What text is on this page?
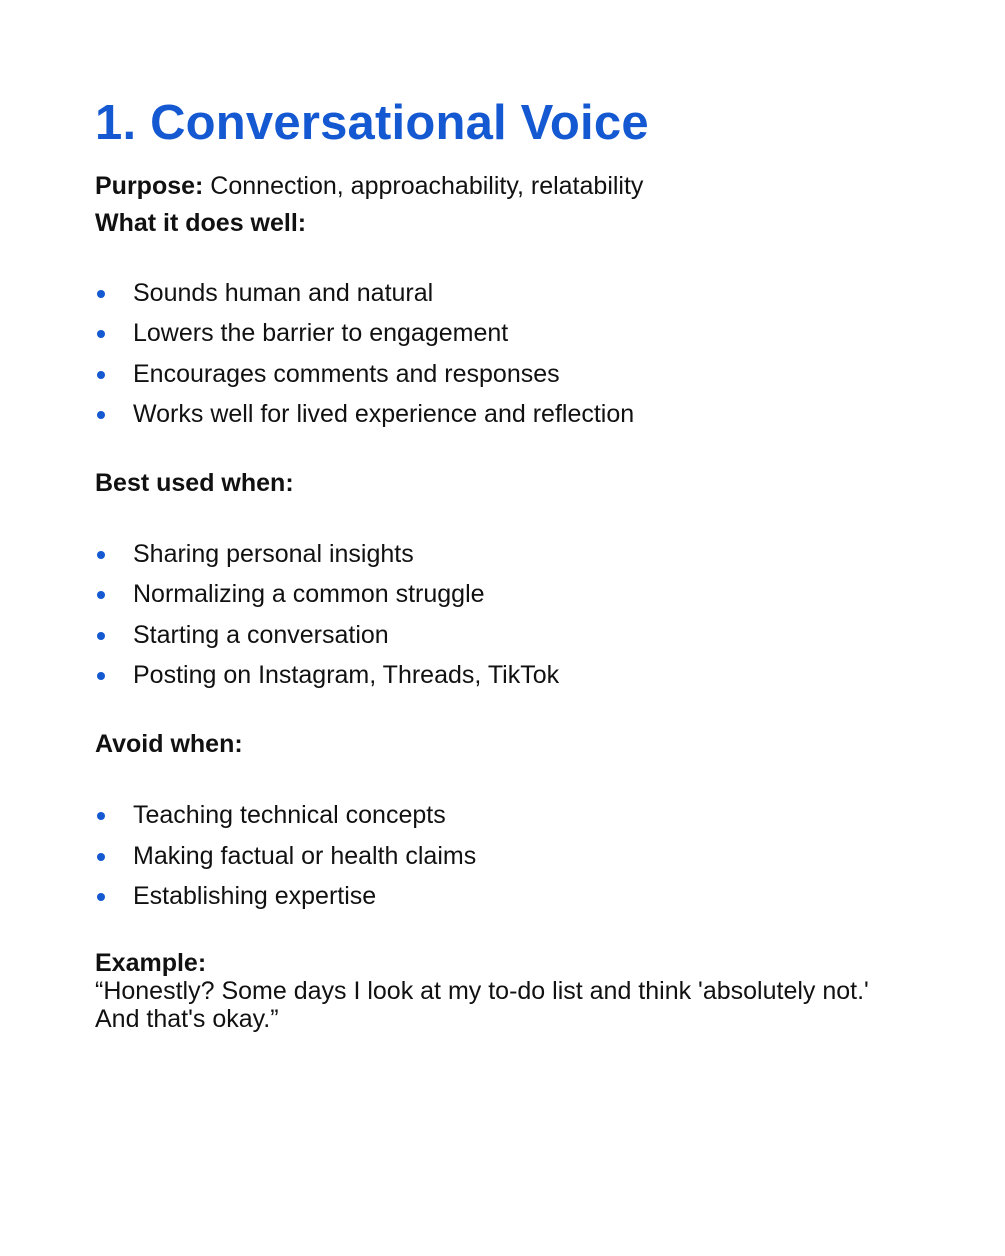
1. Conversational Voice
Purpose: Connection, approachability, relatability
What it does well:
Sounds human and natural
Lowers the barrier to engagement
Encourages comments and responses
Works well for lived experience and reflection
Best used when:
Sharing personal insights
Normalizing a common struggle
Starting a conversation
Posting on Instagram, Threads, TikTok
Avoid when:
Teaching technical concepts
Making factual or health claims
Establishing expertise
Example:
“Honestly? Some days I look at my to-do list and think 'absolutely not.' And that's okay.”
